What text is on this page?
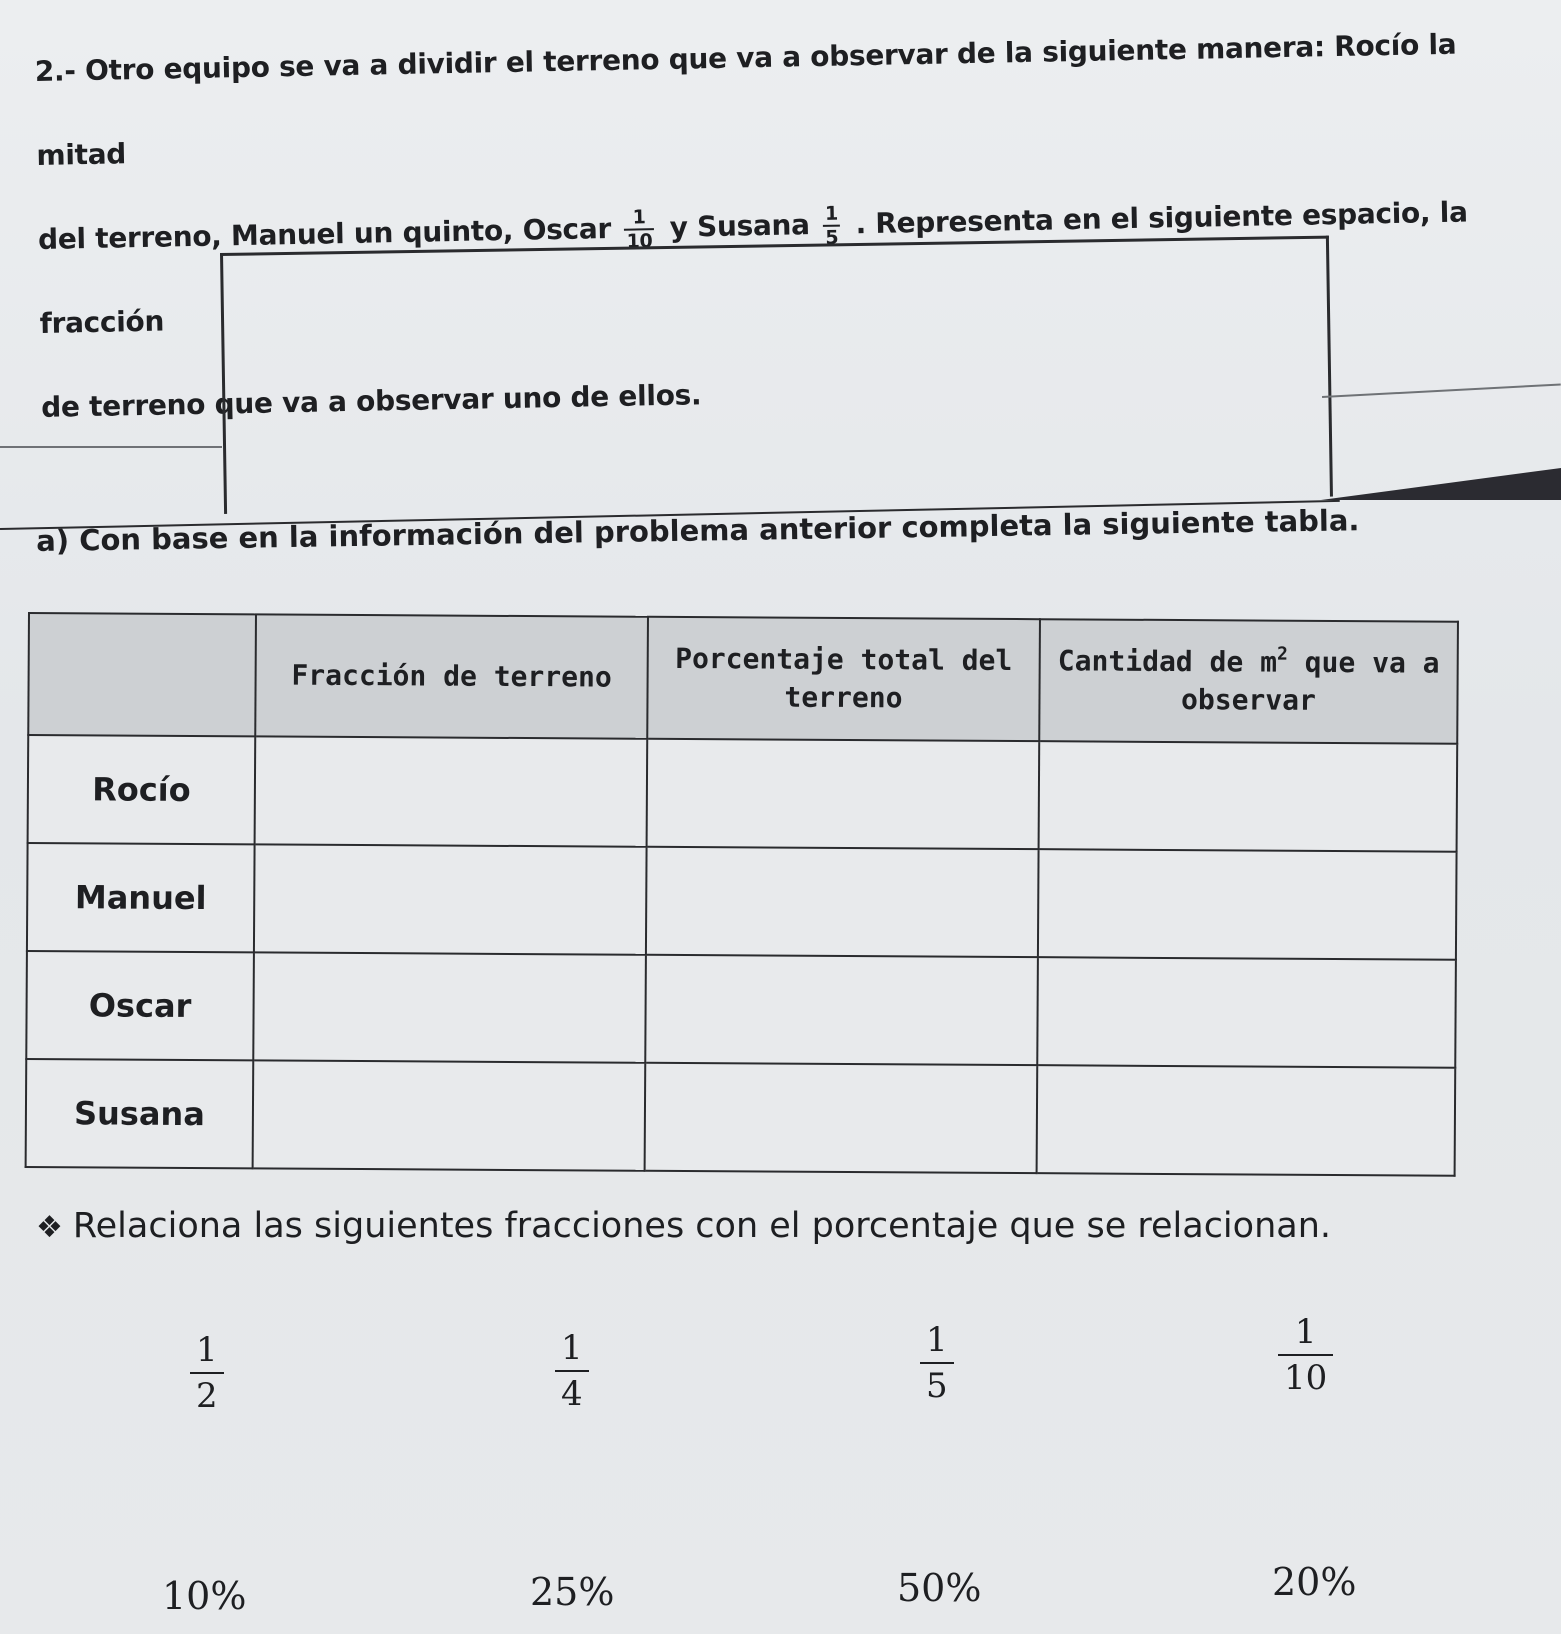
2.- Otro equipo se va a dividir el terreno que va a observar de la siguiente manera: Rocío la mitad

del terreno, Manuel un quinto, Oscar $\frac{1}{10}$ y Susana $\frac{1}{5}$ . Representa en el siguiente espacio, la fracción

de terreno que va a observar uno de ellos.

a) Con base en la información del problema anterior completa la siguiente tabla.
	Fracción de terreno	Porcentaje total del terreno	Cantidad de $m^2$ que va a observar
Rocío			
Manuel			
Oscar			
Susana			
❖ Relaciona las siguientes fracciones con el porcentaje que se relacionan.
$\frac{1}{2}$	$\frac{1}{4}$	$\frac{1}{5}$	$\frac{1}{10}$
10%	25%	50%	20%
